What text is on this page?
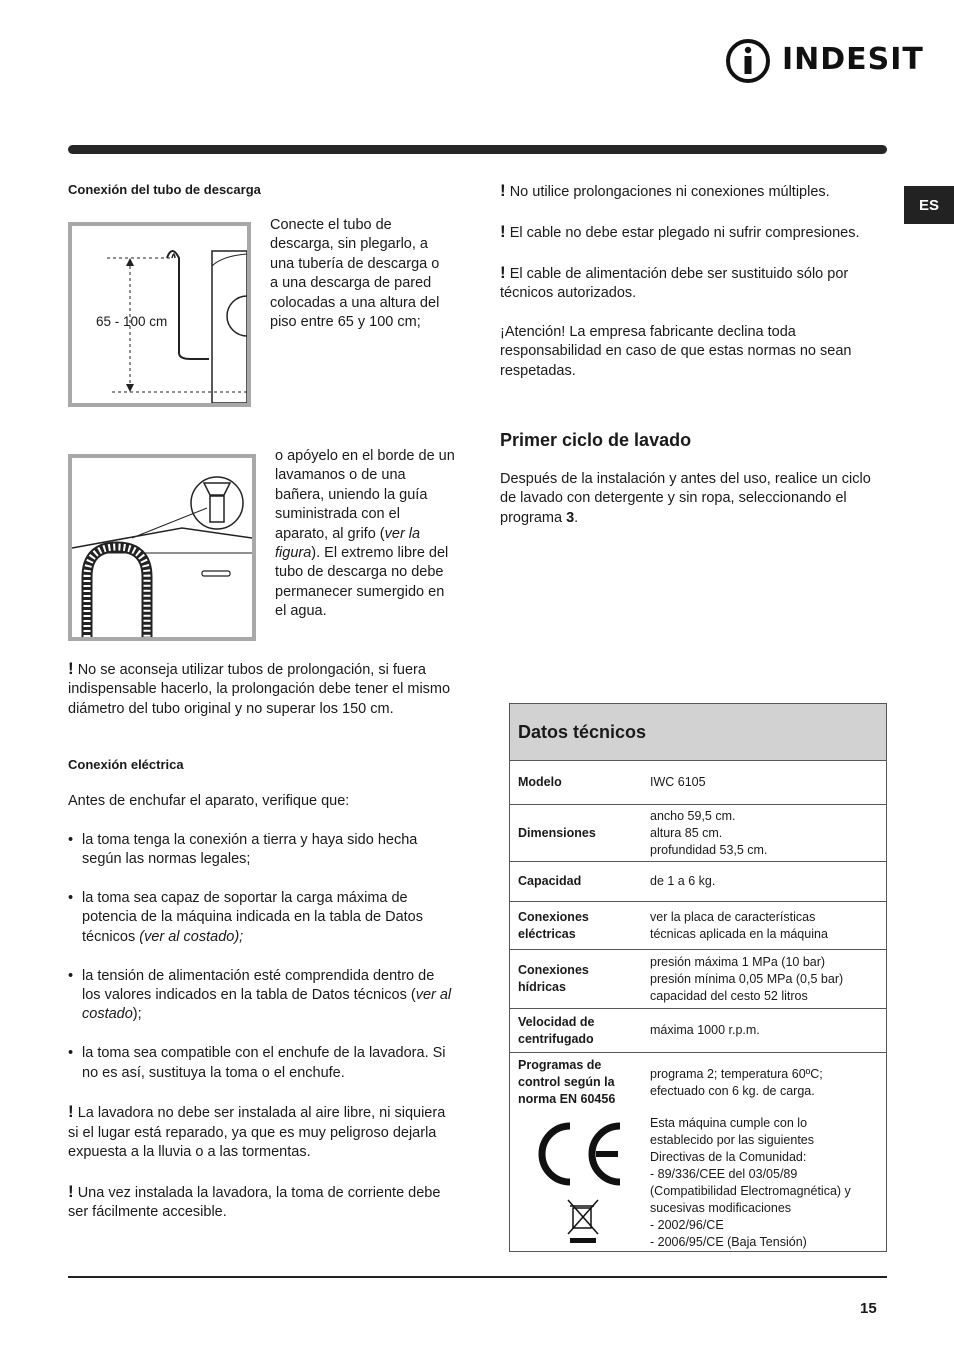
INDESIT
ES
Conexión del tubo de descarga
65 - 100 cm
Conecte el tubo de descarga, sin plegarlo, a una tubería de descarga o a una descarga de pared colocadas a una altura del piso entre 65 y 100 cm;
o apóyelo en el borde de un lavamanos o de una bañera, uniendo la guía suministrada con el aparato, al grifo (ver la figura). El extremo libre del tubo de descarga no debe permanecer sumergido en el agua.
! No se aconseja utilizar tubos de prolongación, si fuera indispensable hacerlo, la prolongación debe tener el mismo diámetro del tubo original y no superar los 150 cm.
Conexión eléctrica

Antes de enchufar el aparato, verifique que:

• la toma tenga la conexión a tierra y haya sido hecha según las normas legales;
• la toma sea capaz de soportar la carga máxima de potencia de la máquina indicada en la tabla de Datos técnicos (ver al costado);
• la tensión de alimentación esté comprendida dentro de los valores indicados en la tabla de Datos técnicos (ver al costado);
• la toma sea compatible con el enchufe de la lavadora. Si no es así, sustituya la toma o el enchufe.

! La lavadora no debe ser instalada al aire libre, ni siquiera si el lugar está reparado, ya que es muy peligroso dejarla expuesta a la lluvia o a las tormentas.

! Una vez instalada la lavadora, la toma de corriente debe ser fácilmente accesible.

! No utilice prolongaciones ni conexiones múltiples.

! El cable no debe estar plegado ni sufrir compresiones.

! El cable de alimentación debe ser sustituido sólo por técnicos autorizados.

¡Atención! La empresa fabricante declina toda responsabilidad en caso de que estas normas no sean respetadas.

Primer ciclo de lavado
Después de la instalación y antes del uso, realice un ciclo de lavado con detergente y sin ropa, seleccionando el programa 3.
Datos técnicos
Modelo	IWC 6105
Dimensiones
ancho 59,5 cm.
altura 85 cm.
profundidad 53,5 cm.
Capacidad	de 1 a 6 kg.
Conexiones
eléctricas
ver la placa de características
técnicas aplicada en la máquina
Conexiones
hídricas
presión máxima 1 MPa (10 bar)
presión mínima 0,05 MPa (0,5 bar)
capacidad del cesto 52 litros
Velocidad de
centrifugado
máxima 1000 r.p.m.
Programas de
control según la
norma EN 60456
programa 2; temperatura 60ºC;
efectuado con 6 kg. de carga.
Esta máquina cumple con lo
establecido por las siguientes
Directivas de la Comunidad:
- 89/336/CEE del 03/05/89
(Compatibilidad Electromagnética) y
sucesivas modificaciones
- 2002/96/CE
- 2006/95/CE (Baja Tensión)
15
